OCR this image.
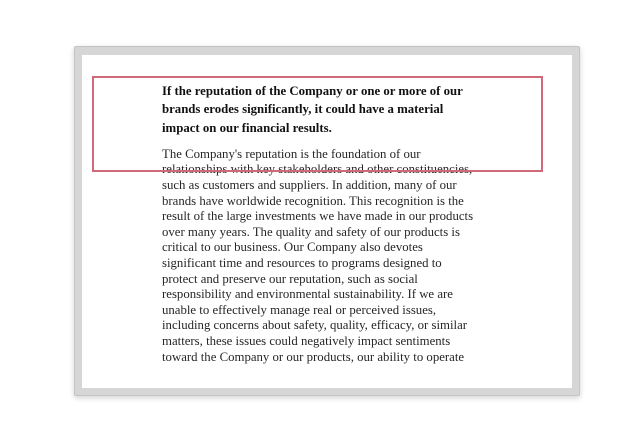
If the reputation of the Company or one or more of our
brands erodes significantly, it could have a material
impact on our financial results.

The Company's reputation is the foundation of our
relationships with key stakeholders and other constituencies,
such as customers and suppliers. In addition, many of our
brands have worldwide recognition. This recognition is the
result of the large investments we have made in our products
over many years. The quality and safety of our products is
critical to our business. Our Company also devotes
significant time and resources to programs designed to
protect and preserve our reputation, such as social
responsibility and environmental sustainability. If we are
unable to effectively manage real or perceived issues,
including concerns about safety, quality, efficacy, or similar
matters, these issues could negatively impact sentiments
toward the Company or our products, our ability to operate
